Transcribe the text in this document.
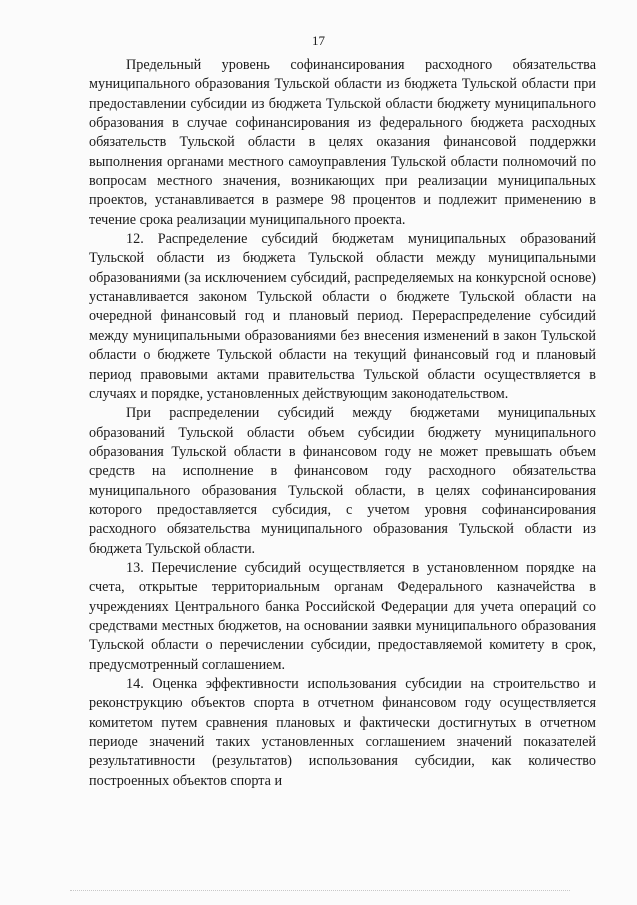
17

Предельный уровень софинансирования расходного обязательства муниципального образования Тульской области из бюджета Тульской области при предоставлении субсидии из бюджета Тульской области бюджету муниципального образования в случае софинансирования из федерального бюджета расходных обязательств Тульской области в целях оказания финансовой поддержки выполнения органами местного самоуправления Тульской области полномочий по вопросам местного значения, возникающих при реализации муниципальных проектов, устанавливается в размере 98 процентов и подлежит применению в течение срока реализации муниципального проекта.

12. Распределение субсидий бюджетам муниципальных образований Тульской области из бюджета Тульской области между муниципальными образованиями (за исключением субсидий, распределяемых на конкурсной основе) устанавливается законом Тульской области о бюджете Тульской области на очередной финансовый год и плановый период. Перераспределение субсидий между муниципальными образованиями без внесения изменений в закон Тульской области о бюджете Тульской области на текущий финансовый год и плановый период правовыми актами правительства Тульской области осуществляется в случаях и порядке, установленных действующим законодательством.

При распределении субсидий между бюджетами муниципальных образований Тульской области объем субсидии бюджету муниципального образования Тульской области в финансовом году не может превышать объем средств на исполнение в финансовом году расходного обязательства муниципального образования Тульской области, в целях софинансирования которого предоставляется субсидия, с учетом уровня софинансирования расходного обязательства муниципального образования Тульской области из бюджета Тульской области.

13. Перечисление субсидий осуществляется в установленном порядке на счета, открытые территориальным органам Федерального казначейства в учреждениях Центрального банка Российской Федерации для учета операций со средствами местных бюджетов, на основании заявки муниципального образования Тульской области о перечислении субсидии, предоставляемой комитету в срок, предусмотренный соглашением.

14. Оценка эффективности использования субсидии на строительство и реконструкцию объектов спорта в отчетном финансовом году осуществляется комитетом путем сравнения плановых и фактически достигнутых в отчетном периоде значений таких установленных соглашением значений показателей результативности (результатов) использования субсидии, как количество построенных объектов спорта и
